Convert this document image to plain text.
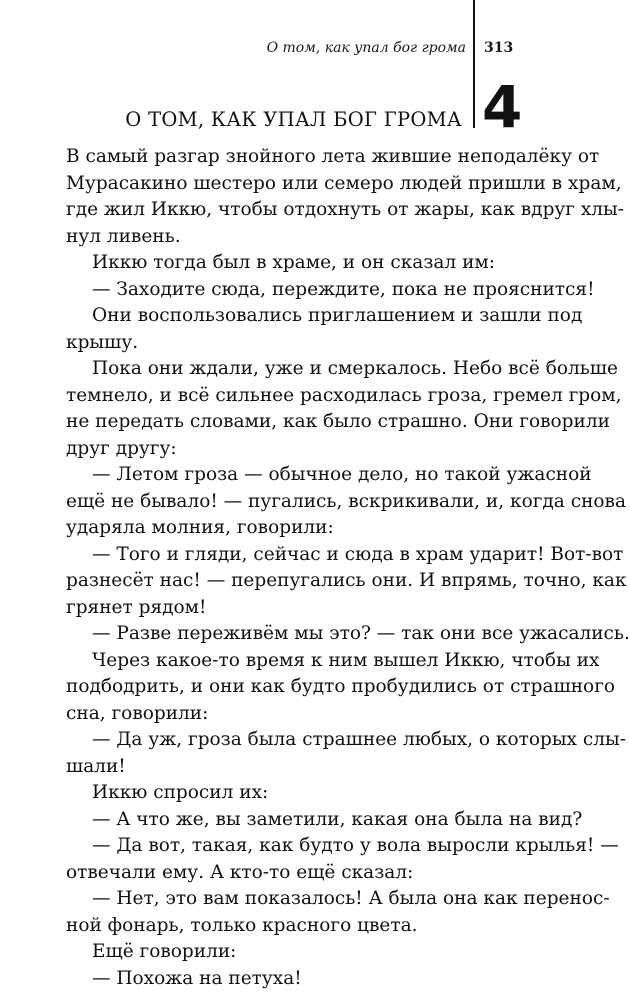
О том, как упал бог грома 313
О ТОМ, КАК УПАЛ БОГ ГРОМА 4
В самый разгар знойного лета жившие неподалёку от
Мурасакино шестеро или семеро людей пришли в храм,
где жил Иккю, чтобы отдохнуть от жары, как вдруг хлы-
нул ливень.
Иккю тогда был в храме, и он сказал им:
— Заходите сюда, переждите, пока не прояснится!
Они воспользовались приглашением и зашли под
крышу.
Пока они ждали, уже и смеркалось. Небо всё больше
темнело, и всё сильнее расходилась гроза, гремел гром,
не передать словами, как было страшно. Они говорили
друг другу:
— Летом гроза — обычное дело, но такой ужасной
ещё не бывало! — пугались, вскрикивали, и, когда снова
ударяла молния, говорили:
— Того и гляди, сейчас и сюда в храм ударит! Вот-вот
разнесёт нас! — перепугались они. И впрямь, точно, как
грянет рядом!
— Разве переживём мы это? — так они все ужасались.
Через какое-то время к ним вышел Иккю, чтобы их
подбодрить, и они как будто пробудились от страшного
сна, говорили:
— Да уж, гроза была страшнее любых, о которых слы-
шали!
Иккю спросил их:
— А что же, вы заметили, какая она была на вид?
— Да вот, такая, как будто у вола выросли крылья! —
отвечали ему. А кто-то ещё сказал:
— Нет, это вам показалось! А была она как перенос-
ной фонарь, только красного цвета.
Ещё говорили:
— Похожа на петуха!
